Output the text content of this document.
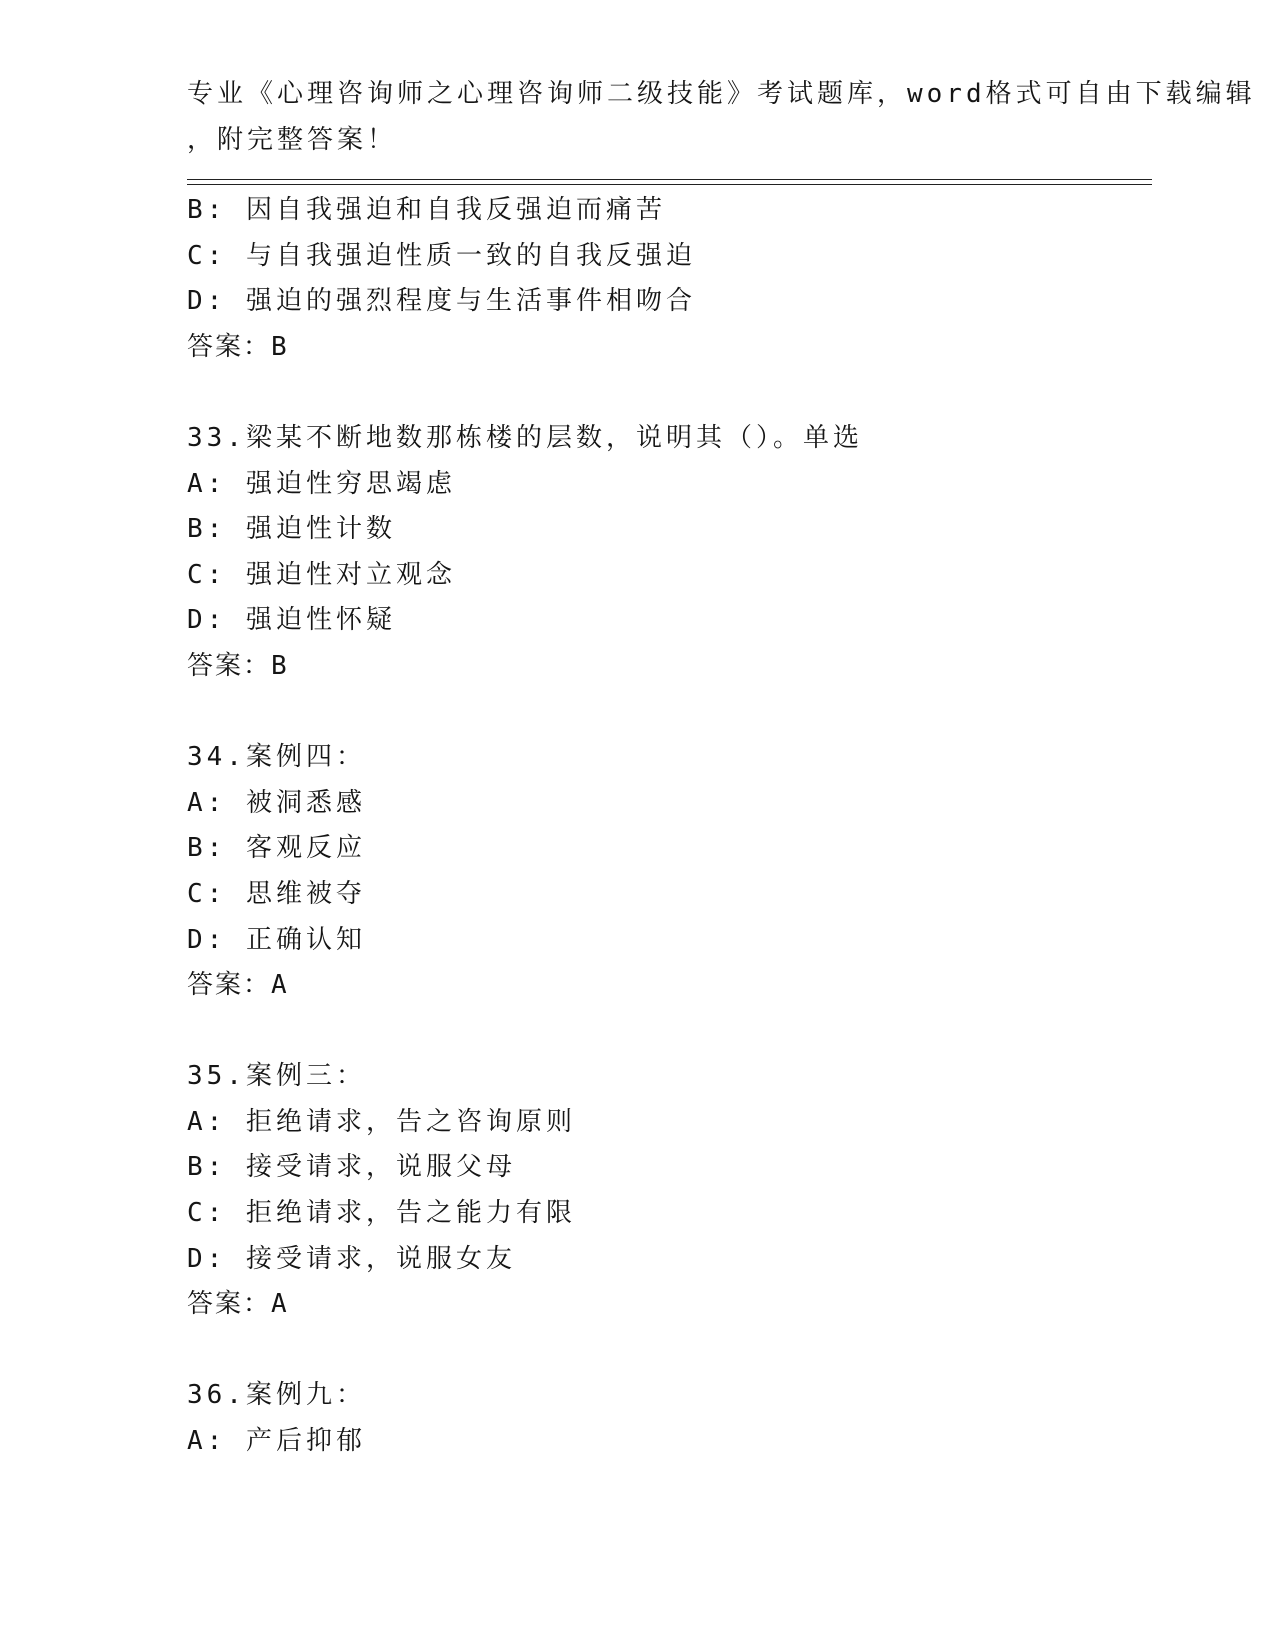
专业《心理咨询师之心理咨询师二级技能》考试题库，word格式可自由下载编辑
，附完整答案！
B: 因自我强迫和自我反强迫而痛苦
C: 与自我强迫性质一致的自我反强迫
D: 强迫的强烈程度与生活事件相吻合
答案：B
33.梁某不断地数那栋楼的层数，说明其（）。单选
A: 强迫性穷思竭虑
B: 强迫性计数
C: 强迫性对立观念
D: 强迫性怀疑
答案：B
34.案例四：
A: 被洞悉感
B: 客观反应
C: 思维被夺
D: 正确认知
答案：A
35.案例三：
A: 拒绝请求，告之咨询原则
B: 接受请求，说服父母
C: 拒绝请求，告之能力有限
D: 接受请求，说服女友
答案：A
36.案例九：
A: 产后抑郁
